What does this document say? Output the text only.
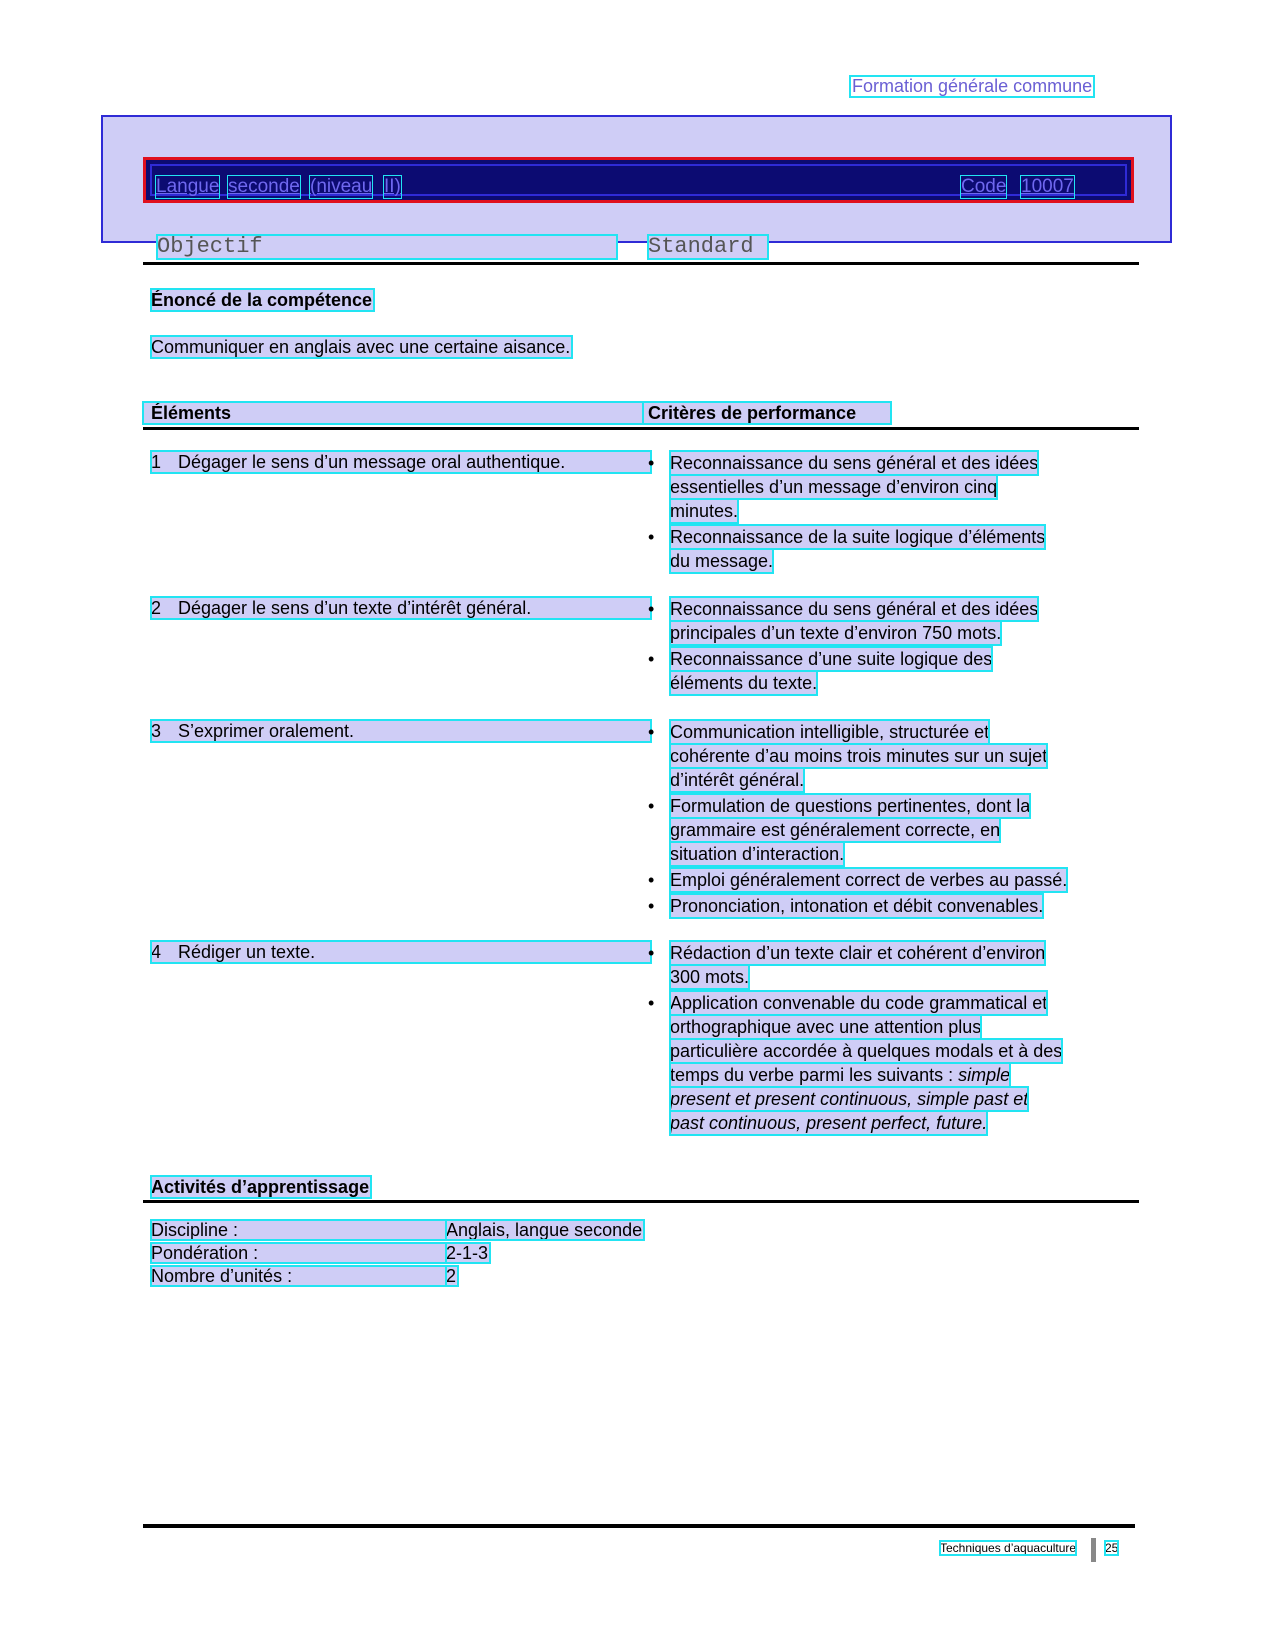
Formation générale commune
Langue seconde (niveau II)	Code 10007
Objectif	Standard
Énoncé de la compétence
Communiquer en anglais avec une certaine aisance.
Éléments	Critères de performance
1 Dégager le sens d’un message oral authentique.	• Reconnaissance du sens général et des idées
essentielles d’un message d’environ cinq
minutes.
• Reconnaissance de la suite logique d’éléments
du message.
2 Dégager le sens d’un texte d’intérêt général.	• Reconnaissance du sens général et des idées
principales d’un texte d’environ 750 mots.
• Reconnaissance d’une suite logique des
éléments du texte.
3 S’exprimer oralement.	• Communication intelligible, structurée et
cohérente d’au moins trois minutes sur un sujet
d’intérêt général.
• Formulation de questions pertinentes, dont la
grammaire est généralement correcte, en
situation d’interaction.
• Emploi généralement correct de verbes au passé.
• Prononciation, intonation et débit convenables.
4 Rédiger un texte.	• Rédaction d’un texte clair et cohérent d’environ
300 mots.
• Application convenable du code grammatical et
orthographique avec une attention plus
particulière accordée à quelques modals et à des
temps du verbe parmi les suivants : simple
present et present continuous, simple past et
past continuous, present perfect, future.
Activités d’apprentissage
Discipline :	Anglais, langue seconde
Pondération :	2-1-3
Nombre d’unités :	2
Techniques d’aquaculture 25
